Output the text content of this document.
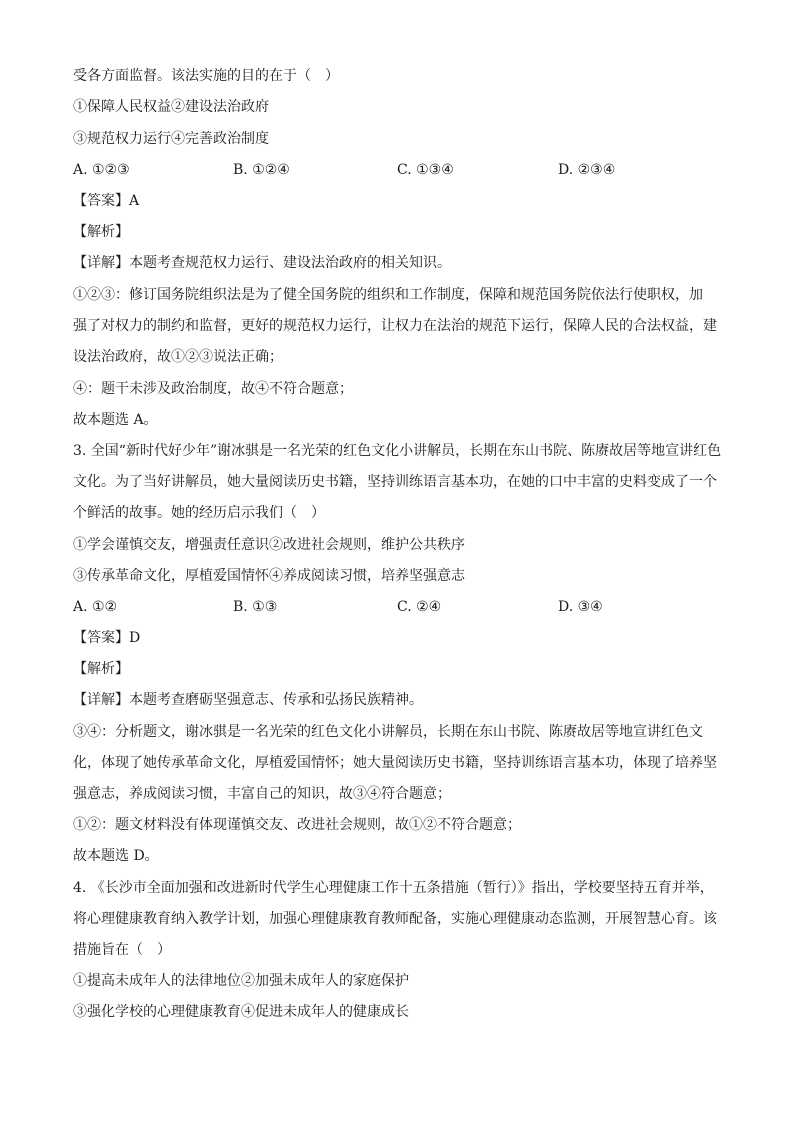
受各方面监督。该法实施的目的在于（　）
①保障人民权益②建设法治政府
③规范权力运行④完善政治制度
A. ①②③	B. ①②④	C. ①③④	D. ②③④
【答案】A
【解析】
【详解】本题考查规范权力运行、建设法治政府的相关知识。
①②③：修订国务院组织法是为了健全国务院的组织和工作制度，保障和规范国务院依法行使职权，加
强了对权力的制约和监督，更好的规范权力运行，让权力在法治的规范下运行，保障人民的合法权益，建
设法治政府，故①②③说法正确；
④：题干未涉及政治制度，故④不符合题意；
故本题选 A。
3. 全国“新时代好少年”谢冰骐是一名光荣的红色文化小讲解员，长期在东山书院、陈赓故居等地宣讲红色
文化。为了当好讲解员，她大量阅读历史书籍，坚持训练语言基本功，在她的口中丰富的史料变成了一个
个鲜活的故事。她的经历启示我们（　）
①学会谨慎交友，增强责任意识②改进社会规则，维护公共秩序
③传承革命文化，厚植爱国情怀④养成阅读习惯，培养坚强意志
A. ①②	B. ①③	C. ②④	D. ③④
【答案】D
【解析】
【详解】本题考查磨砺坚强意志、传承和弘扬民族精神。
③④：分析题文，谢冰骐是一名光荣的红色文化小讲解员，长期在东山书院、陈赓故居等地宣讲红色文
化，体现了她传承革命文化，厚植爱国情怀；她大量阅读历史书籍，坚持训练语言基本功，体现了培养坚
强意志，养成阅读习惯，丰富自己的知识，故③④符合题意；
①②：题文材料没有体现谨慎交友、改进社会规则，故①②不符合题意；
故本题选 D。
4. 《长沙市全面加强和改进新时代学生心理健康工作十五条措施（暂行）》指出，学校要坚持五育并举，
将心理健康教育纳入教学计划，加强心理健康教育教师配备，实施心理健康动态监测，开展智慧心育。该
措施旨在（　）
①提高未成年人的法律地位②加强未成年人的家庭保护
③强化学校的心理健康教育④促进未成年人的健康成长
